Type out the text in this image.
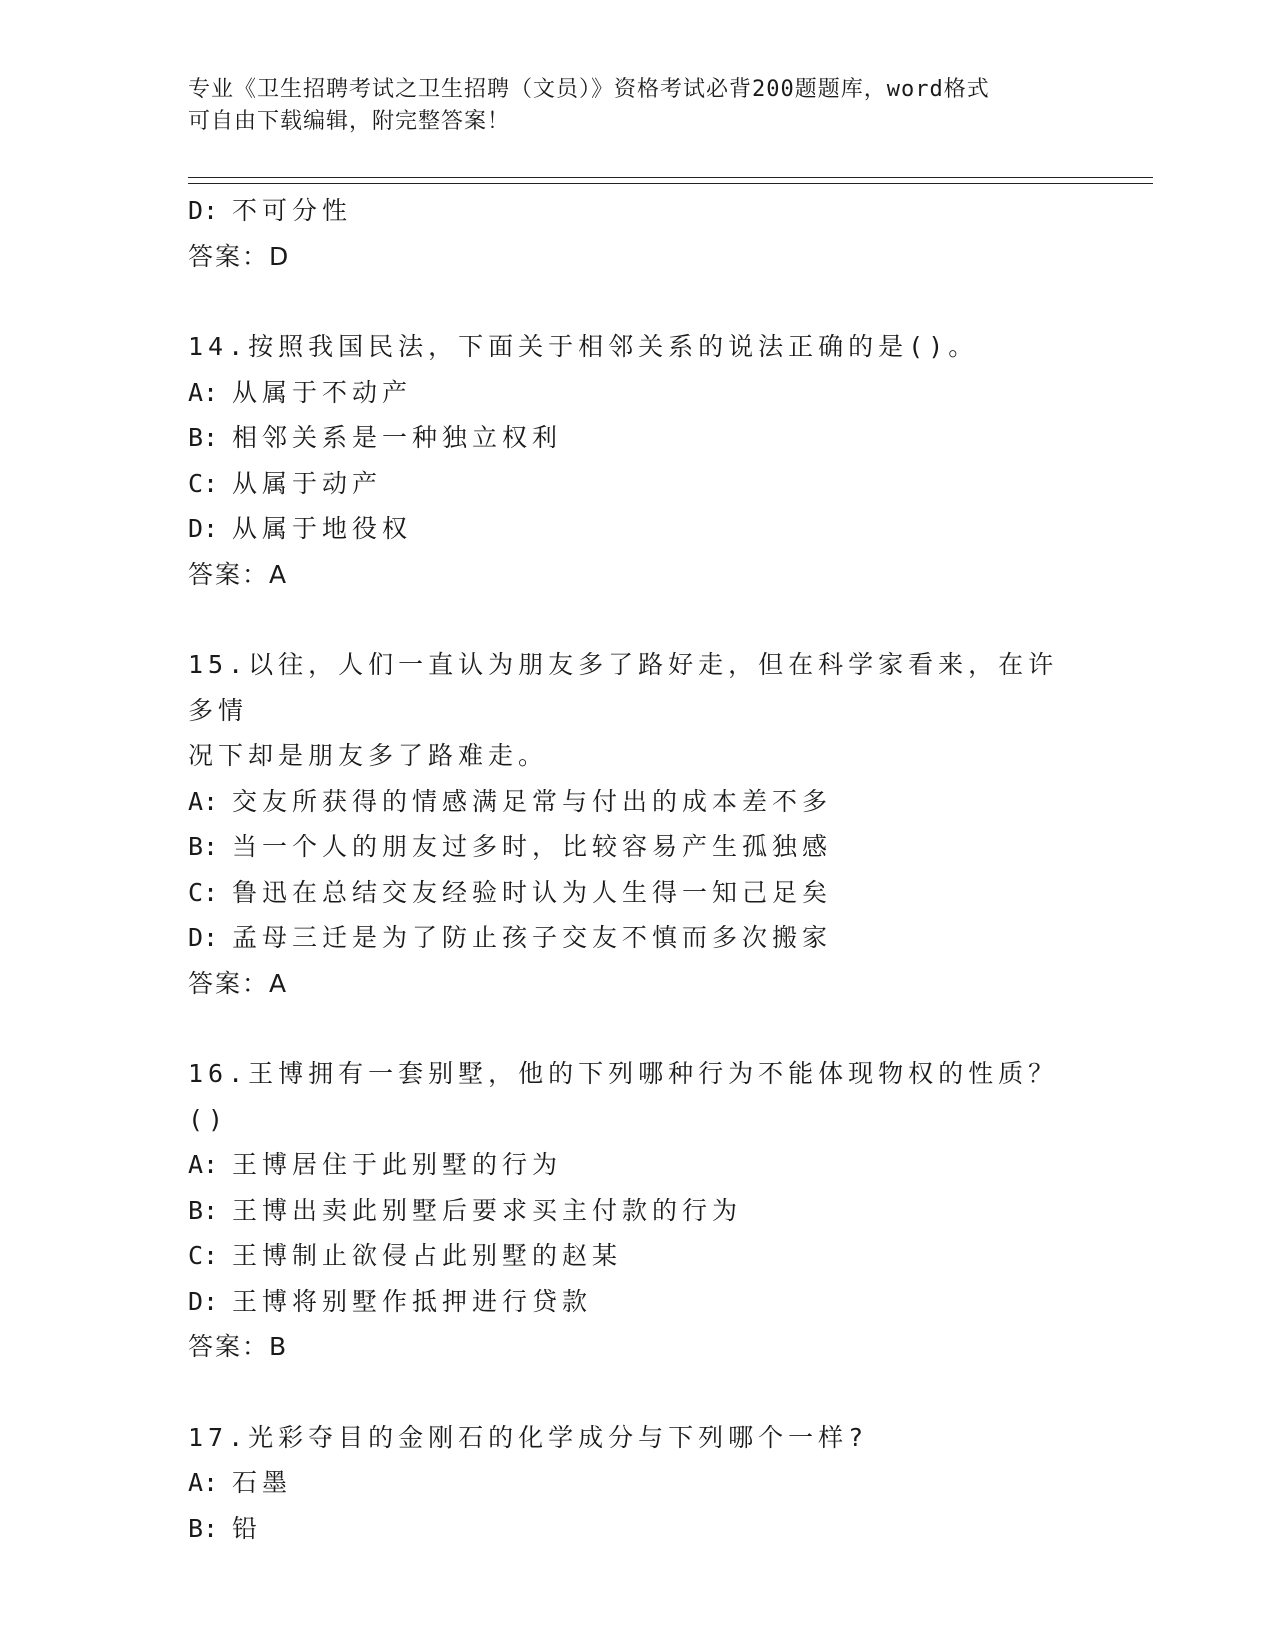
专业《卫生招聘考试之卫生招聘（文员）》资格考试必背200题题库，word格式
可自由下载编辑，附完整答案！
D: 不可分性
答案：D
14.按照我国民法，下面关于相邻关系的说法正确的是()。
A: 从属于不动产
B: 相邻关系是一种独立权利
C: 从属于动产
D: 从属于地役权
答案：A
15.以往，人们一直认为朋友多了路好走，但在科学家看来，在许多情
况下却是朋友多了路难走。
A: 交友所获得的情感满足常与付出的成本差不多
B: 当一个人的朋友过多时，比较容易产生孤独感
C: 鲁迅在总结交友经验时认为人生得一知己足矣
D: 孟母三迁是为了防止孩子交友不慎而多次搬家
答案：A
16.王博拥有一套别墅，他的下列哪种行为不能体现物权的性质？()
A: 王博居住于此别墅的行为
B: 王博出卖此别墅后要求买主付款的行为
C: 王博制止欲侵占此别墅的赵某
D: 王博将别墅作抵押进行贷款
答案：B
17.光彩夺目的金刚石的化学成分与下列哪个一样?
A: 石墨
B: 铅
